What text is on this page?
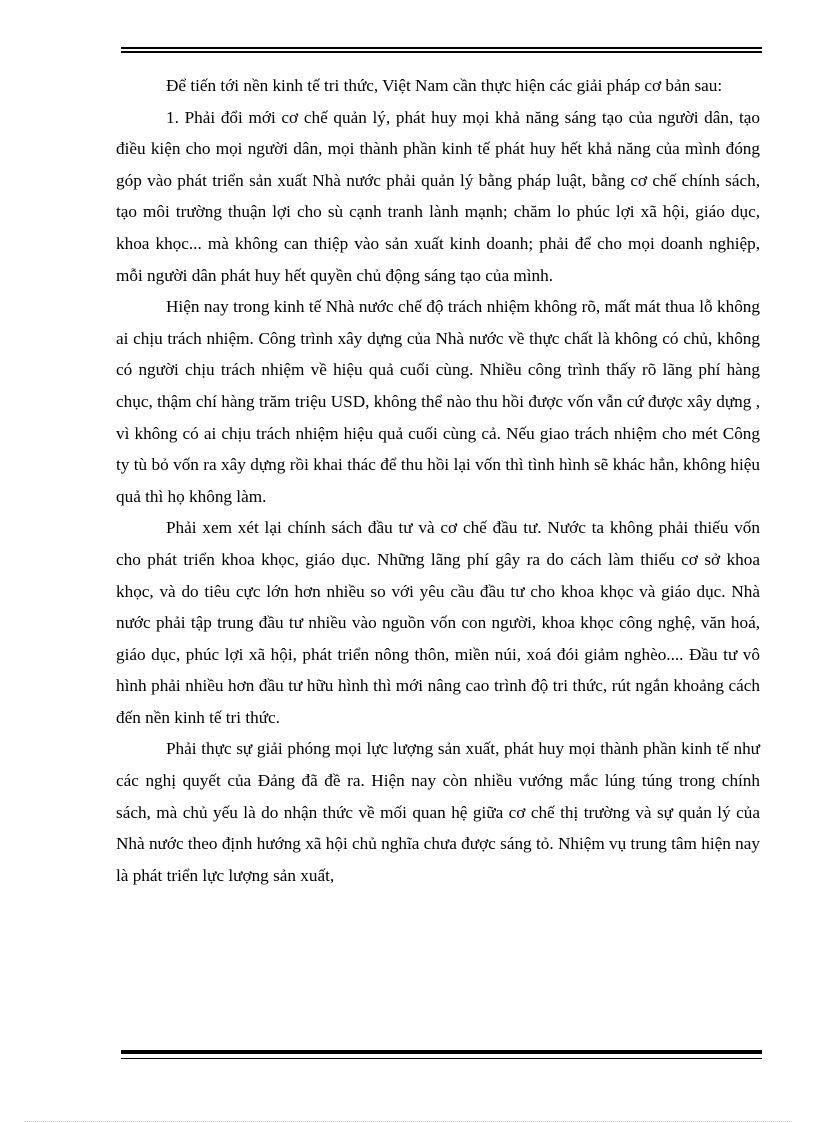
Để tiến tới nền kinh tế tri thức, Việt Nam cần thực hiện các giải pháp cơ bản sau:

1. Phải đổi mới cơ chế quản lý, phát huy mọi khả năng sáng tạo của người dân, tạo điều kiện cho mọi người dân, mọi thành phần kinh tế phát huy hết khả năng của mình đóng góp vào phát triển sản xuất Nhà nước phải quản lý bằng pháp luật, bằng cơ chế chính sách, tạo môi trường thuận lợi cho sù cạnh tranh lành mạnh; chăm lo phúc lợi xã hội, giáo dục, khoa khọc... mà không can thiệp vào sản xuất kinh doanh; phải để cho mọi doanh nghiệp, mỗi người dân phát huy hết quyền chủ động sáng tạo của mình.

Hiện nay trong kinh tế Nhà nước chế độ trách nhiệm không rõ, mất mát thua lỗ không ai chịu trách nhiệm. Công trình xây dựng của Nhà nước về thực chất là không có chủ, không có người chịu trách nhiệm về hiệu quả cuối cùng. Nhiều công trình thấy rõ lãng phí hàng chục, thậm chí hàng trăm triệu USD, không thể nào thu hồi được vốn vẫn cứ được xây dựng , vì không có ai chịu trách nhiệm hiệu quả cuối cùng cả. Nếu giao trách nhiệm cho mét Công ty tù bỏ vốn ra xây dựng rồi khai thác để thu hồi lại vốn thì tình hình sẽ khác hẳn, không hiệu quả thì họ không làm.

Phải xem xét lại chính sách đầu tư và cơ chế đầu tư. Nước ta không phải thiếu vốn cho phát triển khoa khọc, giáo dục. Những lãng phí gây ra do cách làm thiếu cơ sở khoa khọc, và do tiêu cực lớn hơn nhiều so với yêu cầu đầu tư cho khoa khọc và giáo dục. Nhà nước phải tập trung đầu tư nhiều vào nguồn vốn con người, khoa khọc công nghệ, văn hoá, giáo dục, phúc lợi xã hội, phát triển nông thôn, miền núi, xoá đói giảm nghèo.... Đầu tư vô hình phải nhiều hơn đầu tư hữu hình thì mới nâng cao trình độ tri thức, rút ngắn khoảng cách đến nền kinh tế tri thức.

Phải thực sự giải phóng mọi lực lượng sản xuất, phát huy mọi thành phần kinh tế như các nghị quyết của Đảng đã đề ra. Hiện nay còn nhiều vướng mắc lúng túng trong chính sách, mà chủ yếu là do nhận thức về mối quan hệ giữa cơ chế thị trường và sự quản lý của Nhà nước theo định hướng xã hội chủ nghĩa chưa được sáng tỏ. Nhiệm vụ trung tâm hiện nay là phát triển lực lượng sản xuất,
